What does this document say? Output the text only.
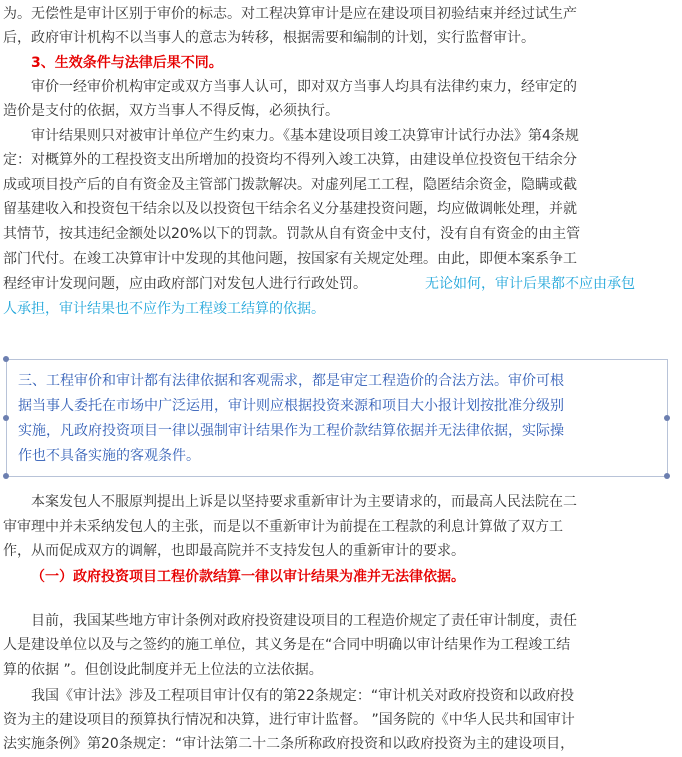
为。无偿性是审计区别于审价的标志。对工程决算审计是应在建设项目初验结束并经过试生产
后，政府审计机构不以当事人的意志为转移，根据需要和编制的计划，实行监督审计。
3、生效条件与法律后果不同。
审价一经审价机构审定或双方当事人认可，即对双方当事人均具有法律约束力，经审定的
造价是支付的依据，双方当事人不得反悔，必须执行。
审计结果则只对被审计单位产生约束力。《基本建设项目竣工决算审计试行办法》第4条规
定：对概算外的工程投资支出所增加的投资均不得列入竣工决算，由建设单位投资包干结余分
成或项目投产后的自有资金及主管部门拨款解决。对虚列尾工工程，隐匿结余资金，隐瞒或截
留基建收入和投资包干结余以及以投资包干结余名义分基建投资问题，均应做调帐处理，并就
其情节，按其违纪金额处以20%以下的罚款。罚款从自有资金中支付，没有自有资金的由主管
部门代付。在竣工决算审计中发现的其他问题，按国家有关规定处理。由此，即便本案系争工
程经审计发现问题，应由政府部门对发包人进行行政处罚。	无论如何，审计后果都不应由承包
人承担，审计结果也不应作为工程竣工结算的依据。
三、工程审价和审计都有法律依据和客观需求，都是审定工程造价的合法方法。审价可根
据当事人委托在市场中广泛运用，审计则应根据投资来源和项目大小报计划按批准分级别
实施，凡政府投资项目一律以强制审计结果作为工程价款结算依据并无法律依据，实际操
作也不具备实施的客观条件。
本案发包人不服原判提出上诉是以坚持要求重新审计为主要请求的，而最高人民法院在二
审审理中并未采纳发包人的主张，而是以不重新审计为前提在工程款的利息计算做了双方工
作，从而促成双方的调解，也即最高院并不支持发包人的重新审计的要求。
（一）政府投资项目工程价款结算一律以审计结果为准并无法律依据。
目前，我国某些地方审计条例对政府投资建设项目的工程造价规定了责任审计制度，责任
人是建设单位以及与之签约的施工单位，其义务是在“合同中明确以审计结果作为工程竣工结
算的依据 ”。但创设此制度并无上位法的立法依据。
我国《审计法》涉及工程项目审计仅有的第22条规定：“审计机关对政府投资和以政府投
资为主的建设项目的预算执行情况和决算，进行审计监督。 ”国务院的《中华人民共和国审计
法实施条例》第20条规定：“审计法第二十二条所称政府投资和以政府投资为主的建设项目，
